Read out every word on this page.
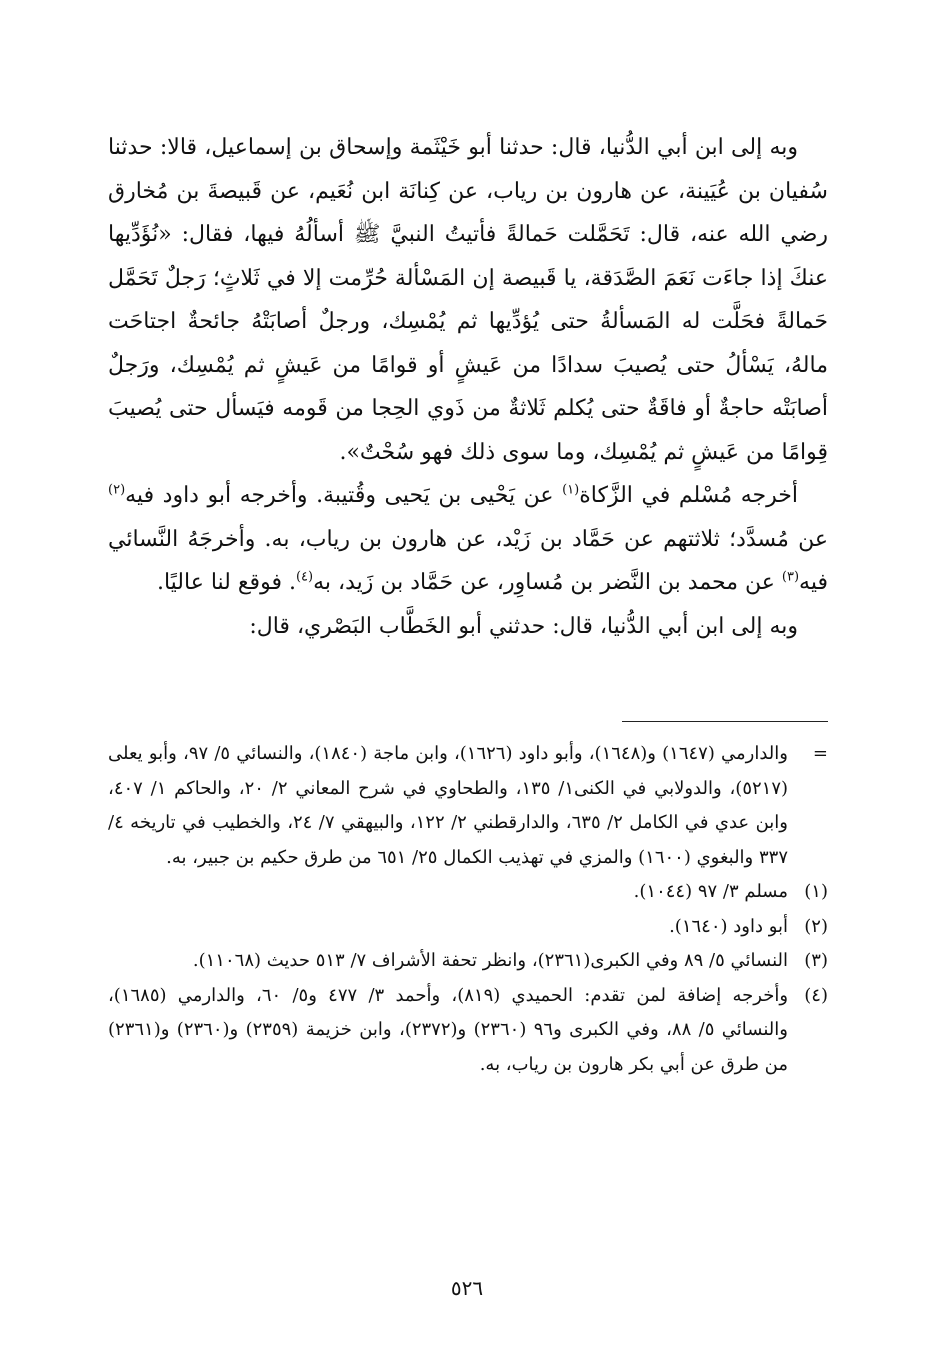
وبه إلى ابن أبي الدُّنيا، قال: حدثنا أبو خَيْثَمة وإسحاق بن إسماعيل، قالا: حدثنا سُفيان بن عُيَينة، عن هارون بن رياب، عن كِنانَة ابن نُعَيم، عن قَبيصةَ بن مُخارق رضي الله عنه، قال: تَحَمَّلت حَمالةً فأتيتُ النبيَّ ﷺ أسألُهُ فيها، فقال: «نُؤَدِّيها عنكَ إذا جاءَت نَعَمَ الصَّدَقة، يا قَبيصة إن المَسْألة حُرِّمت إلا في ثَلاثٍ؛ رَجلٌ تَحَمَّل حَمالةً فحَلَّت له المَسألةُ حتى يُؤدِّيها ثم يُمْسِك، ورجلٌ أصابَتْهُ جائحةٌ اجتاحَت مالهُ، يَسْألُ حتى يُصيبَ سدادًا من عَيشٍ أو قوامًا من عَيشٍ ثم يُمْسِك، ورَجلٌ أصابَتْه حاجةٌ أو فاقَةٌ حتى يُكلم ثَلاثةٌ من ذَوي الحِجا من قَومه فيَسأل حتى يُصيبَ قِوامًا من عَيشٍ ثم يُمْسِك، وما سوى ذلك فهو سُحْتٌ».

أخرجه مُسْلم في الزَّكاة$^{(١)}$ عن يَحْيى بن يَحيى وقُتيبة. وأخرجه أبو داود فيه$^{(٢)}$ عن مُسدَّد؛ ثلاثتهم عن حَمَّاد بن زَيْد، عن هارون بن رياب، به. وأخرجَهُ النَّسائي فيه$^{(٣)}$ عن محمد بن النَّضر بن مُساوِر، عن حَمَّاد بن زَيد، به$^{(٤)}$. فوقع لنا عاليًا.

وبه إلى ابن أبي الدُّنيا، قال: حدثني أبو الخَطَّاب البَصْري، قال:

=
والدارمي (١٦٤٧) و(١٦٤٨)، وأبو داود (١٦٢٦)، وابن ماجة (١٨٤٠)، والنسائي ٥/ ٩٧، وأبو يعلى (٥٢١٧)، والدولابي في الكنى١/ ١٣٥، والطحاوي في شرح المعاني ٢/ ٢٠، والحاكم ١/ ٤٠٧، وابن عدي في الكامل ٢/ ٦٣٥، والدارقطني ٢/ ١٢٢، والبيهقي ٧/ ٢٤، والخطيب في تاريخه ٤/ ٣٣٧ والبغوي (١٦٠٠) والمزي في تهذيب الكمال ٢٥/ ٦٥١ من طرق حكيم بن جبير، به.
(١)
مسلم ٣/ ٩٧ (١٠٤٤).
(٢)
أبو داود (١٦٤٠).
(٣)
النسائي ٥/ ٨٩ وفي الكبرى(٢٣٦١)، وانظر تحفة الأشراف ٧/ ٥١٣ حديث (١١٠٦٨).
(٤)
وأخرجه إضافة لمن تقدم: الحميدي (٨١٩)، وأحمد ٣/ ٤٧٧ و٥/ ٦٠، والدارمي (١٦٨٥)، والنسائي ٥/ ٨٨، وفي الكبرى و٩٦ (٢٣٦٠) و(٢٣٧٢)، وابن خزيمة (٢٣٥٩) و(٢٣٦٠) و(٢٣٦١) من طرق عن أبي بكر هارون بن رياب، به.
٥٢٦
